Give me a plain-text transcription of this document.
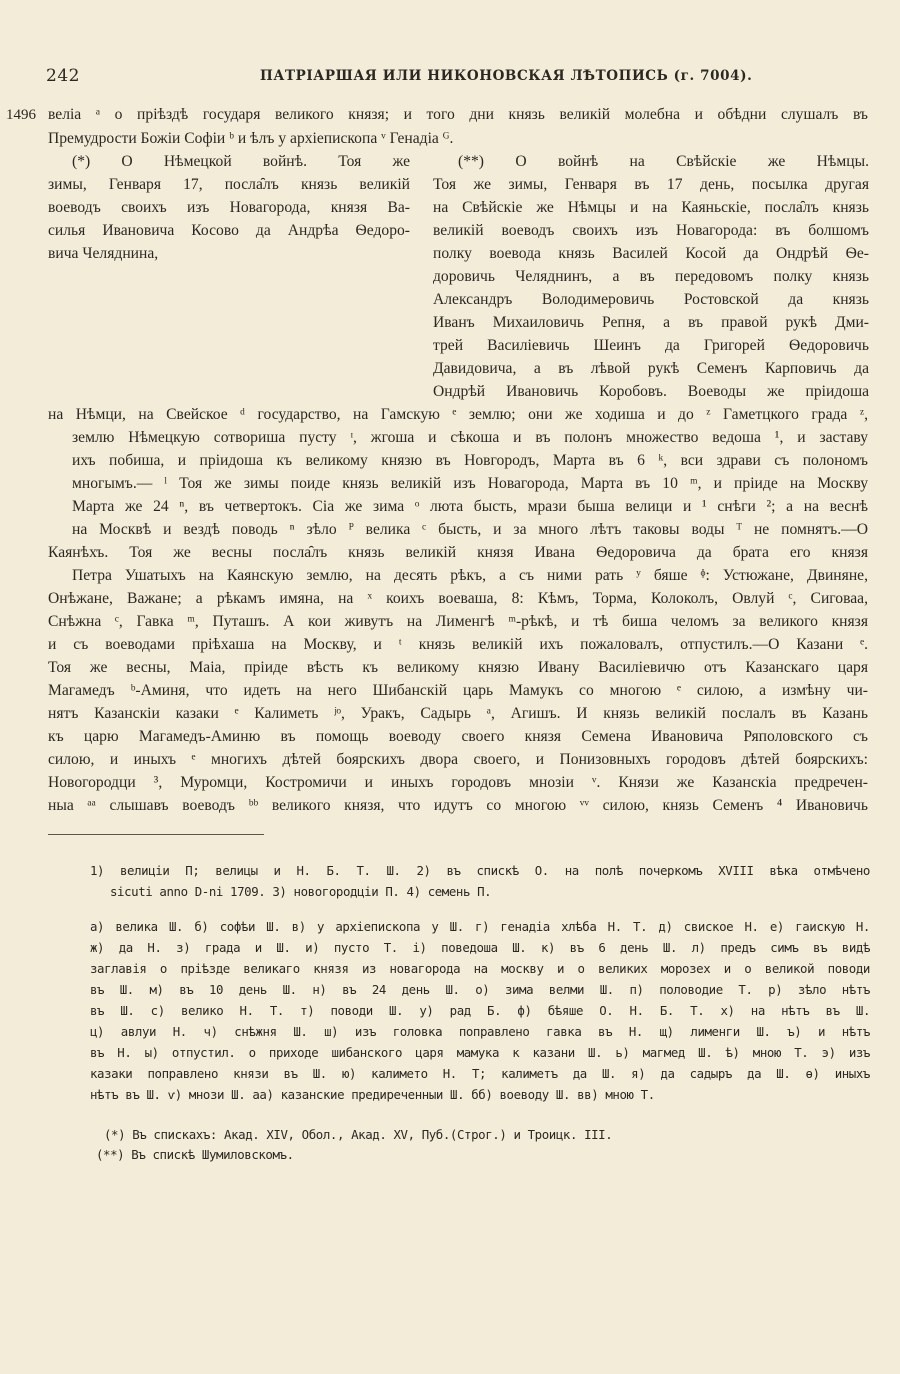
242	ПАТРІАРШАЯ ИЛИ НИКОНОВСКАЯ ЛѢТОПИСЬ (г. 7004).
1496 веліа ᵃ о пріѣздѣ государя великого князя; и того дни князь великій молебна и обѣдни слушалъ въ
Премудрости Божіи Софіи ᵇ и ѣлъ у архіепископа ᵛ Генадіа ᴳ.
(*) О Нѣмецкой войнѣ. Тоя же
зимы, Генваря 17, посла̑лъ князь великій
воеводъ своихъ изъ Новагорода, князя Ва-
силья Ивановича Косово да Андрѣа Ѳедоро-
вича Челяднина,
(**) О войнѣ на Свѣйскіе же Нѣмцы.
Тоя же зимы, Генваря въ 17 день, посылка другая
на Свѣйскіе же Нѣмцы и на Каяньскіе, посла̑лъ князь
великій воеводъ своихъ изъ Новагорода: въ болшомъ
полку воевода князь Василей Косой да Ондрѣй Ѳе-
доровичь Челяднинъ, а въ передовомъ полку князь
Александръ Володимеровичь Ростовской да князь
Иванъ Михаиловичь Репня, а въ правой рукѣ Дми-
трей Василіевичь Шеинъ да Григорей Ѳедоровичь
Давидовича, а въ лѣвой рукѣ Семенъ Карповичь да
Ондрѣй Ивановичь Коробовъ. Воеводы же пріидоша
на Нѣмци, на Свейское ᵈ государство, на Гамскую ᵉ землю; они же ходиша и до ᶻ Гаметцкого града ᶻ,
землю Нѣмецкую сотвориша пусту ᶦ, жгоша и сѣкоша и въ полонъ множество ведоша ¹, и заставу
ихъ побиша, и пріидоша къ великому князю въ Новгородъ, Марта въ 6 ᵏ, вси здрави съ полономъ
многымъ.— ˡ Тоя же зимы поиде князь великій изъ Новагорода, Марта въ 10 ᵐ, и пріиде на Москву
Марта же 24 ⁿ, въ четвертокъ. Сіа же зима ᵒ люта бысть, мрази быша велици и ¹ снѣги ²; а на веснѣ
на Москвѣ и вездѣ поводь ⁿ зѣло ᴾ велика ᶜ бысть, и за много лѣтъ таковы воды ᵀ не помнятъ.—О
Каянѣхъ. Тоя же весны посла̑лъ князь великій князя Ивана Ѳедоровича да брата его князя
Петра Ушатыхъ на Каянскую землю, на десять рѣкъ, а съ ними рать ʸ бяше ᶲ: Устюжане, Двиняне,
Онѣжане, Важане; а рѣкамъ имяна, на ˣ коихъ воеваша, 8: Кѣмъ, Торма, Колоколъ, Овлуй ᶜ, Сиговаа,
Снѣжна ᶜ, Гавка ᵐ, Путашъ. А кои живутъ на Лименгѣ ᵐ-рѣкѣ, и тѣ биша челомъ за великого князя
и съ воеводами пріѣхаша на Москву, и ᵗ князь великій ихъ пожаловалъ, отпустилъ.—О Казани ᵉ.
Тоя же весны, Маіа, пріиде вѣсть къ великому князю Ивану Василіевичю отъ Казанскаго царя
Магамедъ ᵇ-Аминя, что идеть на него Шибанскій царь Мамукъ со многою ᵉ силою, а измѣну чи-
нятъ Казанскіи казаки ᵉ Калиметь ʲᵒ, Уракъ, Садырь ᵃ, Агишъ. И князь великій послалъ въ Казань
къ царю Магамедъ-Аминю въ помощь воеводу своего князя Семена Ивановича Ряполовского съ
силою, и иныхъ ᵉ многихъ дѣтей боярскихъ двора своего, и Понизовныхъ городовъ дѣтей боярскихъ:
Новогородци ³, Муромци, Костромичи и иныхъ городовъ мнозіи ᵛ. Князи же Казанскіа предречен-
ныа ᵃᵃ слышавъ воеводъ ᵇᵇ великого князя, что идутъ со многою ᵛᵛ силою, князь Семенъ ⁴ Ивановичь
1) велиціи П; велицы и Н. Б. Т. Ш. 2) въ спискѣ О. на полѣ почеркомъ XVIII вѣка отмѣчено
sicuti anno D-ni 1709. 3) новогородціи П. 4) семень П.
а) велика Ш. б) софѣи Ш. в) у архіепископа у Ш. г) генадіа хлѣба Н. Т. д) свиское Н. е) гаискую Н.
ж) да Н. з) града и Ш. и) пусто Т. і) поведоша Ш. к) въ 6 день Ш. л) предъ симъ въ видѣ
заглавія о пріѣзде великаго князя из новагорода на москву и о великих морозех и о великой поводи
въ Ш. м) въ 10 день Ш. н) въ 24 день Ш. о) зима велми Ш. п) половодие Т. р) зѣло нѣтъ
въ Ш. с) велико Н. Т. т) поводи Ш. у) рад Б. ф) бѣяше О. Н. Б. Т. х) на нѣтъ въ Ш.
ц) авлуи Н. ч) снѣжня Ш. ш) изъ головка поправлено гавка въ Н. щ) лименги Ш. ъ) и нѣтъ
въ Н. ы) отпустил. о приходе шибанского царя мамука к казани Ш. ь) магмед Ш. ѣ) мною Т. э) изъ
казаки поправлено князи въ Ш. ю) калимето Н. Т; калиметъ да Ш. я) да садыръ да Ш. ѳ) иныхъ
нѣтъ въ Ш. ѵ) мнози Ш. аа) казанские предиреченныи Ш. бб) воеводу Ш. вв) мною Т.
(*) Въ спискахъ: Акад. XIV, Обол., Акад. XV, Пуб.(Строг.) и Троицк. III.
(**) Въ спискѣ Шумиловскомъ.
